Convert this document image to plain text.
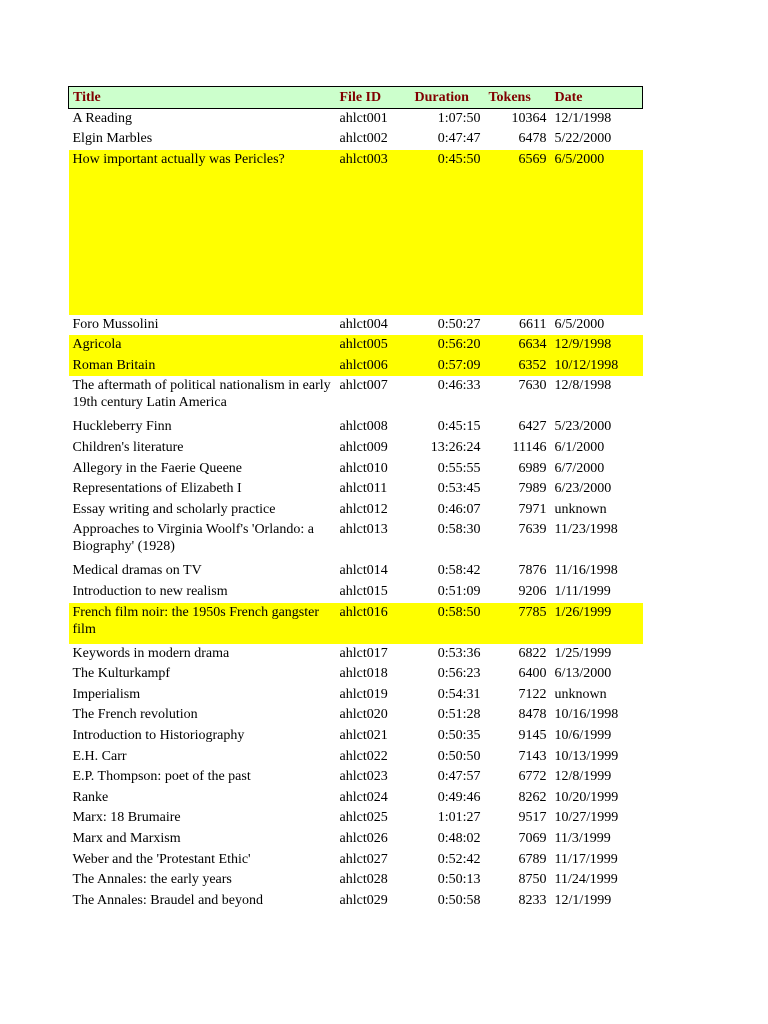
Title	File ID	Duration	Tokens	Date
A Reading	ahlct001	1:07:50	10364	12/1/1998
Elgin Marbles	ahlct002	0:47:47	6478	5/22/2000
How important actually was Pericles?	ahlct003	0:45:50	6569	6/5/2000
Foro Mussolini	ahlct004	0:50:27	6611	6/5/2000
Agricola	ahlct005	0:56:20	6634	12/9/1998
Roman Britain	ahlct006	0:57:09	6352	10/12/1998
The aftermath of political nationalism in early 19th century Latin America	ahlct007	0:46:33	7630	12/8/1998
Huckleberry Finn	ahlct008	0:45:15	6427	5/23/2000
Children's literature	ahlct009	13:26:24	11146	6/1/2000
Allegory in the Faerie Queene	ahlct010	0:55:55	6989	6/7/2000
Representations of Elizabeth I	ahlct011	0:53:45	7989	6/23/2000
Essay writing and scholarly practice	ahlct012	0:46:07	7971	unknown
Approaches to Virginia Woolf's 'Orlando: a Biography' (1928)	ahlct013	0:58:30	7639	11/23/1998
Medical dramas on TV	ahlct014	0:58:42	7876	11/16/1998
Introduction to new realism	ahlct015	0:51:09	9206	1/11/1999
French film noir: the 1950s French gangster film	ahlct016	0:58:50	7785	1/26/1999
Keywords in modern drama	ahlct017	0:53:36	6822	1/25/1999
The Kulturkampf	ahlct018	0:56:23	6400	6/13/2000
Imperialism	ahlct019	0:54:31	7122	unknown
The French revolution	ahlct020	0:51:28	8478	10/16/1998
Introduction to Historiography	ahlct021	0:50:35	9145	10/6/1999
E.H. Carr	ahlct022	0:50:50	7143	10/13/1999
E.P. Thompson: poet of the past	ahlct023	0:47:57	6772	12/8/1999
Ranke	ahlct024	0:49:46	8262	10/20/1999
Marx: 18 Brumaire	ahlct025	1:01:27	9517	10/27/1999
Marx and Marxism	ahlct026	0:48:02	7069	11/3/1999
Weber and the 'Protestant Ethic'	ahlct027	0:52:42	6789	11/17/1999
The Annales: the early years	ahlct028	0:50:13	8750	11/24/1999
The Annales: Braudel and beyond	ahlct029	0:50:58	8233	12/1/1999
